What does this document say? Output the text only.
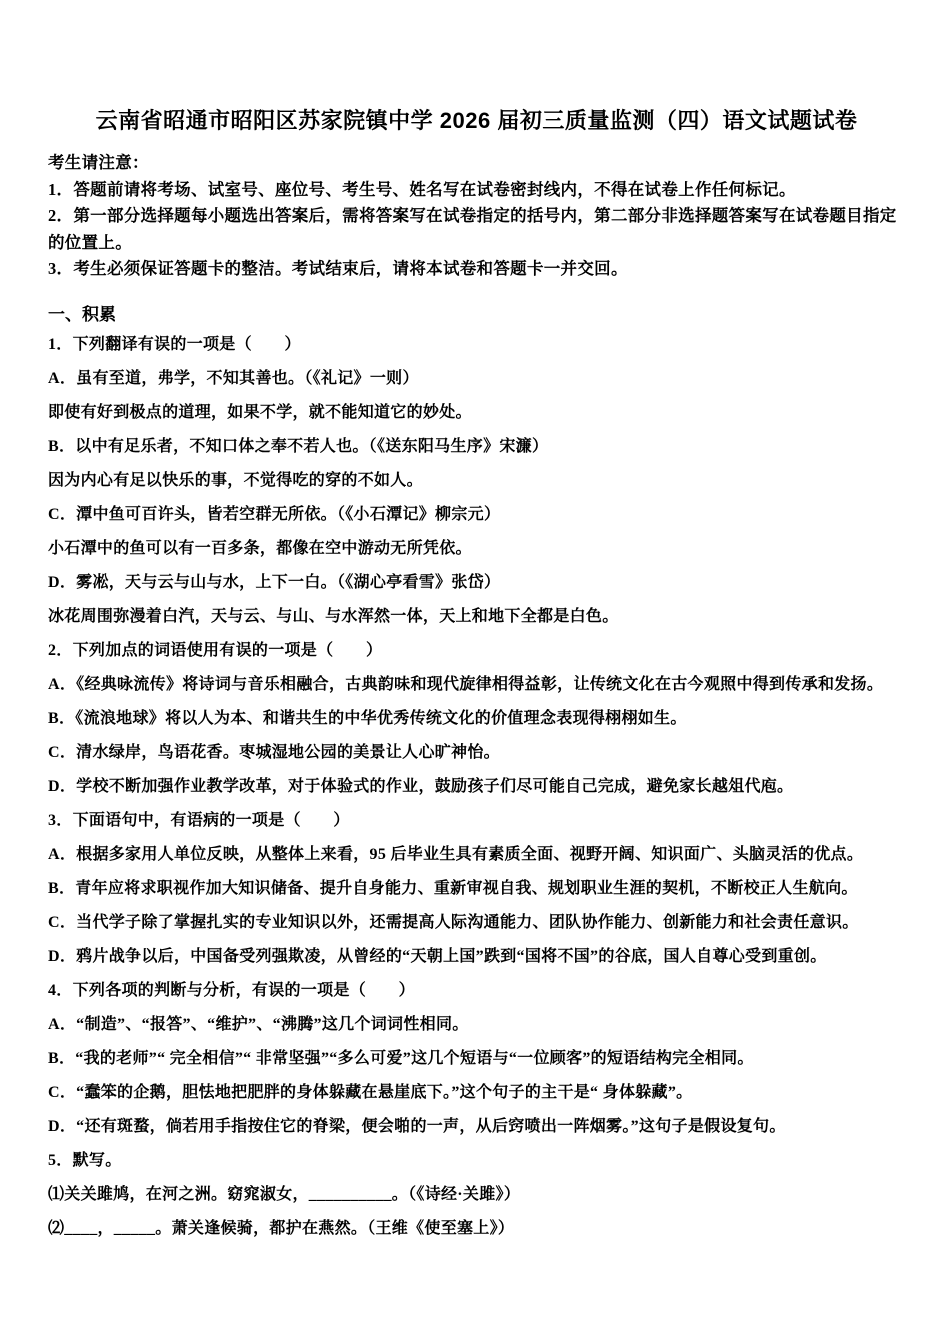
云南省昭通市昭阳区苏家院镇中学 2026 届初三质量监测（四）语文试题试卷

考生请注意：

1．答题前请将考场、试室号、座位号、考生号、姓名写在试卷密封线内，不得在试卷上作任何标记。

2．第一部分选择题每小题选出答案后，需将答案写在试卷指定的括号内，第二部分非选择题答案写在试卷题目指定的位置上。

3．考生必须保证答题卡的整洁。考试结束后，请将本试卷和答题卡一并交回。

一、积累

1．下列翻译有误的一项是（　　）

A．虽有至道，弗学，不知其善也。（《礼记》一则）

即使有好到极点的道理，如果不学，就不能知道它的妙处。

B．以中有足乐者，不知口体之奉不若人也。（《送东阳马生序》宋濂）

因为内心有足以快乐的事，不觉得吃的穿的不如人。

C．潭中鱼可百许头，皆若空群无所依。（《小石潭记》柳宗元）

小石潭中的鱼可以有一百多条，都像在空中游动无所凭依。

D．雾凇，天与云与山与水，上下一白。（《湖心亭看雪》张岱）

冰花周围弥漫着白汽，天与云、与山、与水浑然一体，天上和地下全都是白色。

2．下列加点的词语使用有误的一项是（　　）

A．《经典咏流传》将诗词与音乐相融合，古典韵味和现代旋律相得益彰，让传统文化在古今观照中得到传承和发扬。

B．《流浪地球》将以人为本、和谐共生的中华优秀传统文化的价值理念表现得栩栩如生。

C．清水绿岸，鸟语花香。枣城湿地公园的美景让人心旷神怡。

D．学校不断加强作业教学改革，对于体验式的作业，鼓励孩子们尽可能自己完成，避免家长越俎代庖。

3．下面语句中，有语病的一项是（　　）

A．根据多家用人单位反映，从整体上来看，95 后毕业生具有素质全面、视野开阔、知识面广、头脑灵活的优点。

B．青年应将求职视作加大知识储备、提升自身能力、重新审视自我、规划职业生涯的契机，不断校正人生航向。

C．当代学子除了掌握扎实的专业知识以外，还需提高人际沟通能力、团队协作能力、创新能力和社会责任意识。

D．鸦片战争以后，中国备受列强欺凌，从曾经的“天朝上国”跌到“国将不国”的谷底，国人自尊心受到重创。

4．下列各项的判断与分析，有误的一项是（　　）

A．“制造”、“报答”、“维护”、“沸腾”这几个词词性相同。

B．“我的老师”“ 完全相信”“ 非常坚强”“多么可爱”这几个短语与“一位顾客”的短语结构完全相同。

C．“蠢笨的企鹅，胆怯地把肥胖的身体躲藏在悬崖底下。”这个句子的主干是“ 身体躲藏”。

D．“还有斑蝥，倘若用手指按住它的脊梁，便会啪的一声，从后窍喷出一阵烟雾。”这句子是假设复句。

5．默写。

⑴关关雎鸠，在河之洲。窈窕淑女，__________。（《诗经·关雎》）

⑵____，_____。萧关逢候骑，都护在燕然。（王维《使至塞上》）
